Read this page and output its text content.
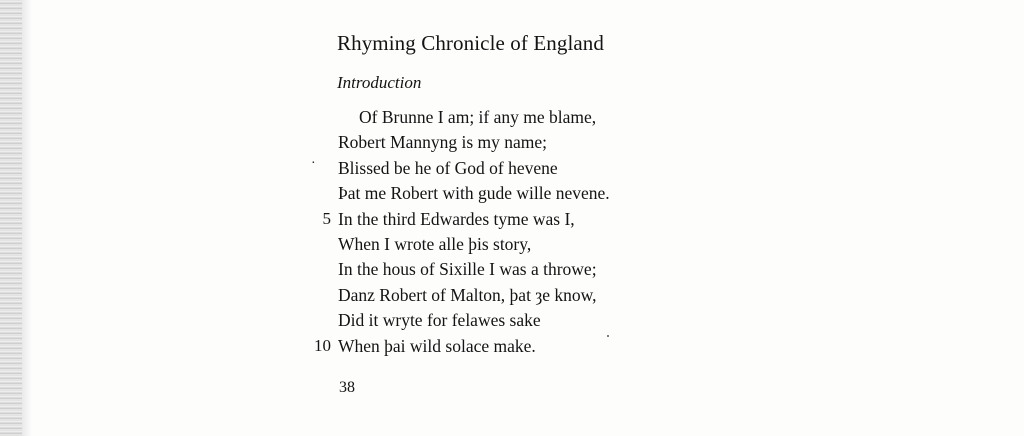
Rhyming Chronicle of England
Introduction
Of Brunne I am; if any me blame,
Robert Mannyng is my name;
· Blissed be he of God of hevene
Þat me Robert with gude wille nevene.
5 In the third Edwardes tyme was I,
When I wrote alle þis story,
In the hous of Sixille I was a throwe;
Danz Robert of Malton, þat ȝe know,
Did it wryte for felawes sake
10 When þai wild solace make.
38
